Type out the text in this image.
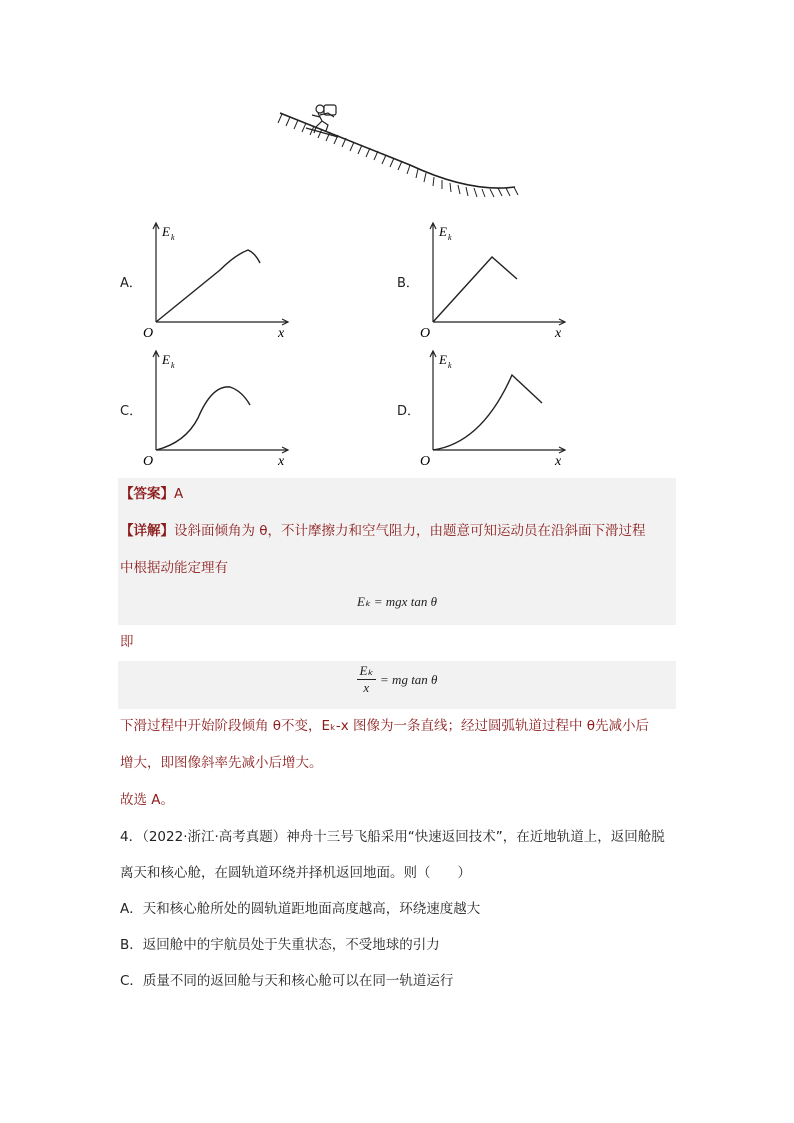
A．
E k
O	x
B．
E k
O	x
C．
E k
O	x
D．
E k
O	x
【答案】A
【详解】设斜面倾角为 θ，不计摩擦力和空气阻力，由题意可知运动员在沿斜面下滑过程
中根据动能定理有
Eₖ = mgx tan θ
即
$\frac{\text{Eₖ}}{x}$ = mg tan θ
下滑过程中开始阶段倾角 θ不变，Eₖ-x 图像为一条直线；经过圆弧轨道过程中 θ先减小后
增大，即图像斜率先减小后增大。
故选 A。
4．（2022·浙江·高考真题）神舟十三号飞船采用“快速返回技术”，在近地轨道上，返回舱脱
离天和核心舱，在圆轨道环绕并择机返回地面。则（　　）
A．天和核心舱所处的圆轨道距地面高度越高，环绕速度越大
B．返回舱中的宇航员处于失重状态，不受地球的引力
C．质量不同的返回舱与天和核心舱可以在同一轨道运行
